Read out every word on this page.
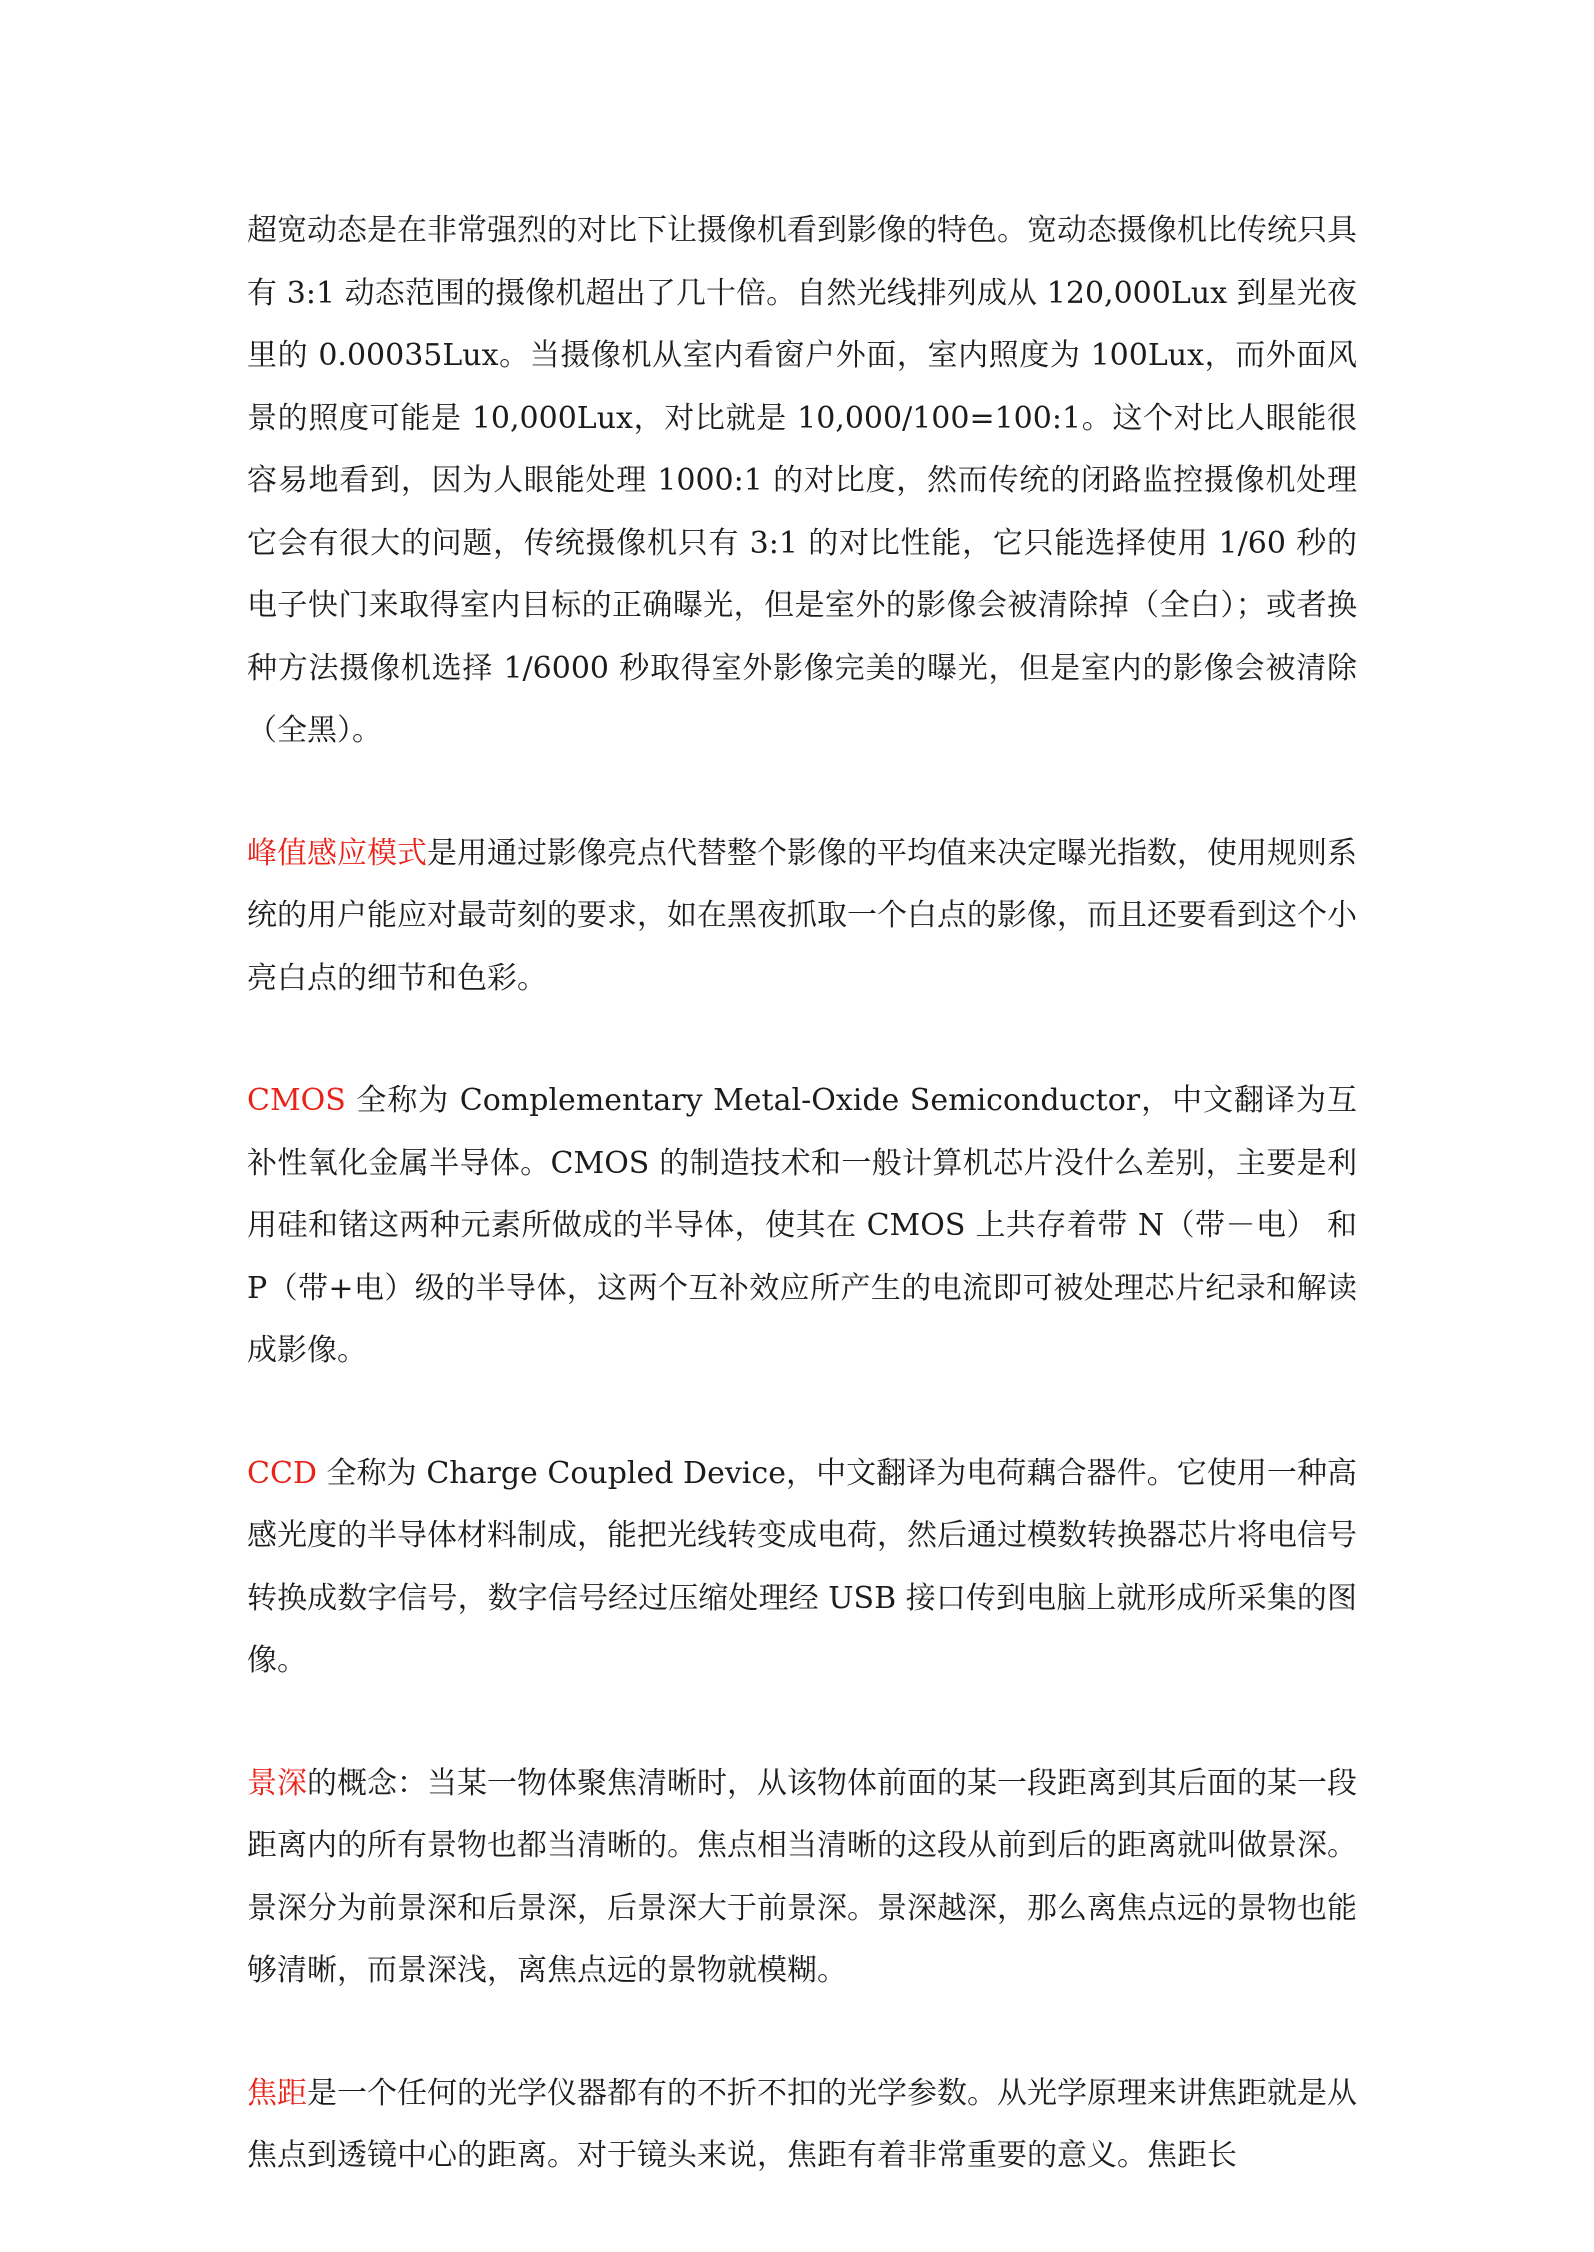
超宽动态是在非常强烈的对比下让摄像机看到影像的特色。宽动态摄像机比传统只具有 3:1 动态范围的摄像机超出了几十倍。自然光线排列成从 120,000Lux 到星光夜里的 0.00035Lux。当摄像机从室内看窗户外面，室内照度为 100Lux，而外面风景的照度可能是 10,000Lux，对比就是 10,000/100=100:1。这个对比人眼能很容易地看到，因为人眼能处理 1000:1 的对比度，然而传统的闭路监控摄像机处理它会有很大的问题，传统摄像机只有 3:1 的对比性能，它只能选择使用 1/60 秒的电子快门来取得室内目标的正确曝光，但是室外的影像会被清除掉（全白）；或者换种方法摄像机选择 1/6000 秒取得室外影像完美的曝光，但是室内的影像会被清除（全黑）。

峰值感应模式是用通过影像亮点代替整个影像的平均值来决定曝光指数，使用规则系统的用户能应对最苛刻的要求，如在黑夜抓取一个白点的影像，而且还要看到这个小亮白点的细节和色彩。

CMOS 全称为 Complementary Metal-Oxide Semiconductor，中文翻译为互补性氧化金属半导体。CMOS 的制造技术和一般计算机芯片没什么差别，主要是利用硅和锗这两种元素所做成的半导体，使其在 CMOS 上共存着带 N（带－电） 和 P（带+电）级的半导体，这两个互补效应所产生的电流即可被处理芯片纪录和解读成影像。

CCD 全称为 Charge Coupled Device，中文翻译为电荷藕合器件。它使用一种高感光度的半导体材料制成，能把光线转变成电荷，然后通过模数转换器芯片将电信号转换成数字信号，数字信号经过压缩处理经 USB 接口传到电脑上就形成所采集的图像。

景深的概念：当某一物体聚焦清晰时，从该物体前面的某一段距离到其后面的某一段距离内的所有景物也都当清晰的。焦点相当清晰的这段从前到后的距离就叫做景深。景深分为前景深和后景深，后景深大于前景深。景深越深，那么离焦点远的景物也能够清晰，而景深浅，离焦点远的景物就模糊。

焦距是一个任何的光学仪器都有的不折不扣的光学参数。从光学原理来讲焦距就是从焦点到透镜中心的距离。对于镜头来说，焦距有着非常重要的意义。焦距长
